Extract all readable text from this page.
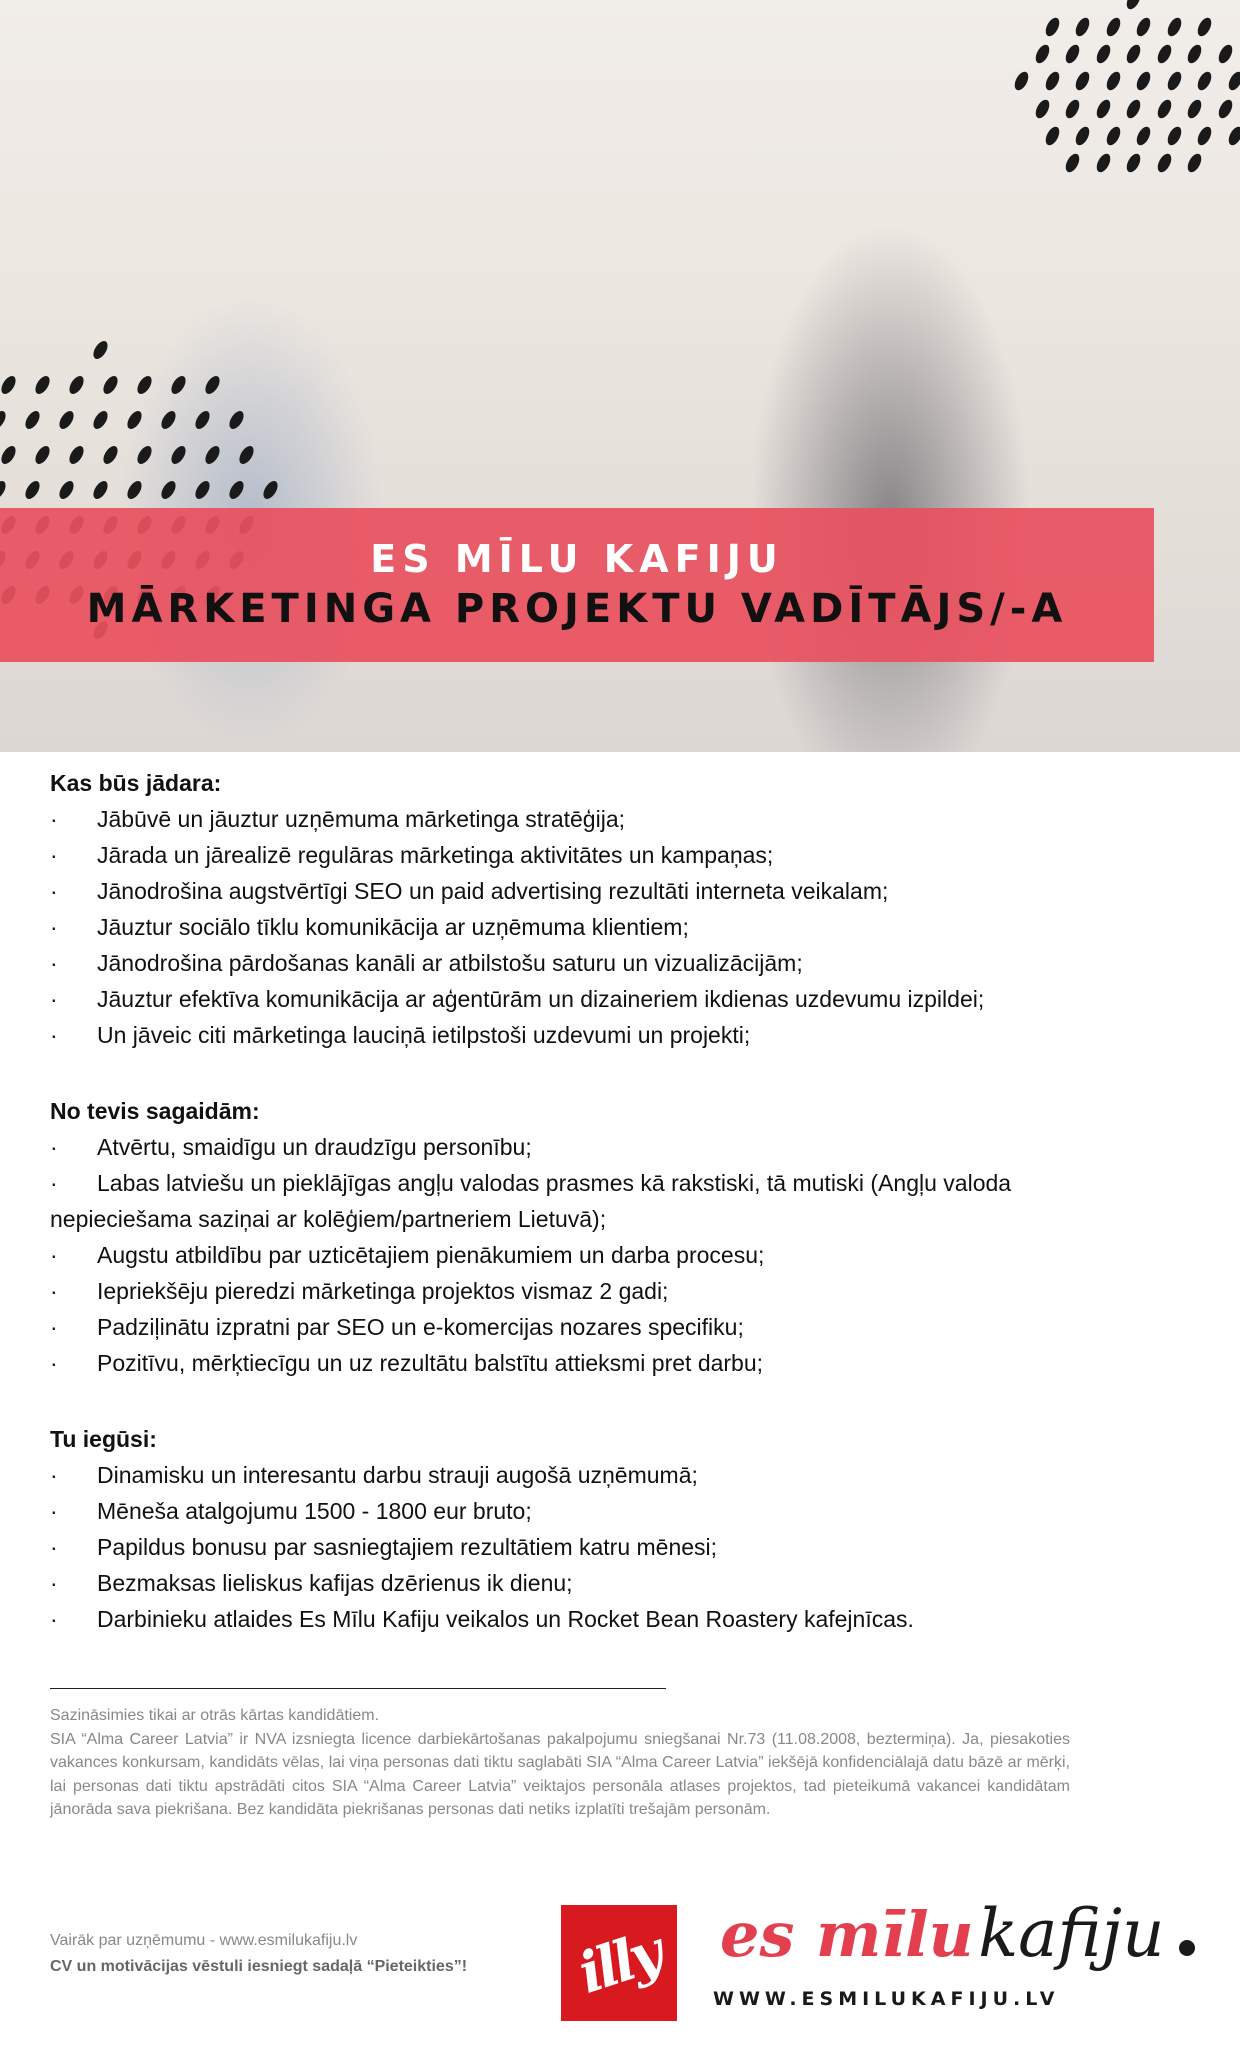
ES MĪLU KAFIJU
MĀRKETINGA PROJEKTU VADĪTĀJS/-A
Kas būs jādara:
·	Jābūvē un jāuztur uzņēmuma mārketinga stratēģija;
·	Jārada un jārealizē regulāras mārketinga aktivitātes un kampaņas;
·	Jānodrošina augstvērtīgi SEO un paid advertising rezultāti interneta veikalam;
·	Jāuztur sociālo tīklu komunikācija ar uzņēmuma klientiem;
·	Jānodrošina pārdošanas kanāli ar atbilstošu saturu un vizualizācijām;
·	Jāuztur efektīva komunikācija ar aģentūrām un dizaineriem ikdienas uzdevumu izpildei;
·	Un jāveic citi mārketinga lauciņā ietilpstoši uzdevumi un projekti;
No tevis sagaidām:
·	Atvērtu, smaidīgu un draudzīgu personību;
·	Labas latviešu un pieklājīgas angļu valodas prasmes kā rakstiski, tā mutiski (Angļu valoda
nepieciešama saziņai ar kolēģiem/partneriem Lietuvā);
·	Augstu atbildību par uzticētajiem pienākumiem un darba procesu;
·	Iepriekšēju pieredzi mārketinga projektos vismaz 2 gadi;
·	Padziļinātu izpratni par SEO un e-komercijas nozares specifiku;
·	Pozitīvu, mērķtiecīgu un uz rezultātu balstītu attieksmi pret darbu;
Tu iegūsi:
·	Dinamisku un interesantu darbu strauji augošā uzņēmumā;
·	Mēneša atalgojumu 1500 - 1800 eur bruto;
·	Papildus bonusu par sasniegtajiem rezultātiem katru mēnesi;
·	Bezmaksas lieliskus kafijas dzērienus ik dienu;
·	Darbinieku atlaides Es Mīlu Kafiju veikalos un Rocket Bean Roastery kafejnīcas.

Sazināsimies tikai ar otrās kārtas kandidātiem.

SIA “Alma Career Latvia” ir NVA izsniegta licence darbiekārtošanas pakalpojumu sniegšanai Nr.73 (11.08.2008, beztermiņa). Ja, piesakoties vakances konkursam, kandidāts vēlas, lai viņa personas dati tiktu saglabāti SIA “Alma Career Latvia” iekšējā konfidenciālajā datu bāzē ar mērķi, lai personas dati tiktu apstrādāti citos SIA “Alma Career Latvia” veiktajos personāla atlases projektos, tad pieteikumā vakancei kandidātam jānorāda sava piekrišana. Bez kandidāta piekrišanas personas dati netiks izplatīti trešajām personām.

Vairāk par uzņēmumu - www.esmilukafiju.lv
CV un motivācijas vēstuli iesniegt sadaļā “Pieteikties”! illy es mīlu kafiju
WWW.ESMILUKAFIJU.LV
